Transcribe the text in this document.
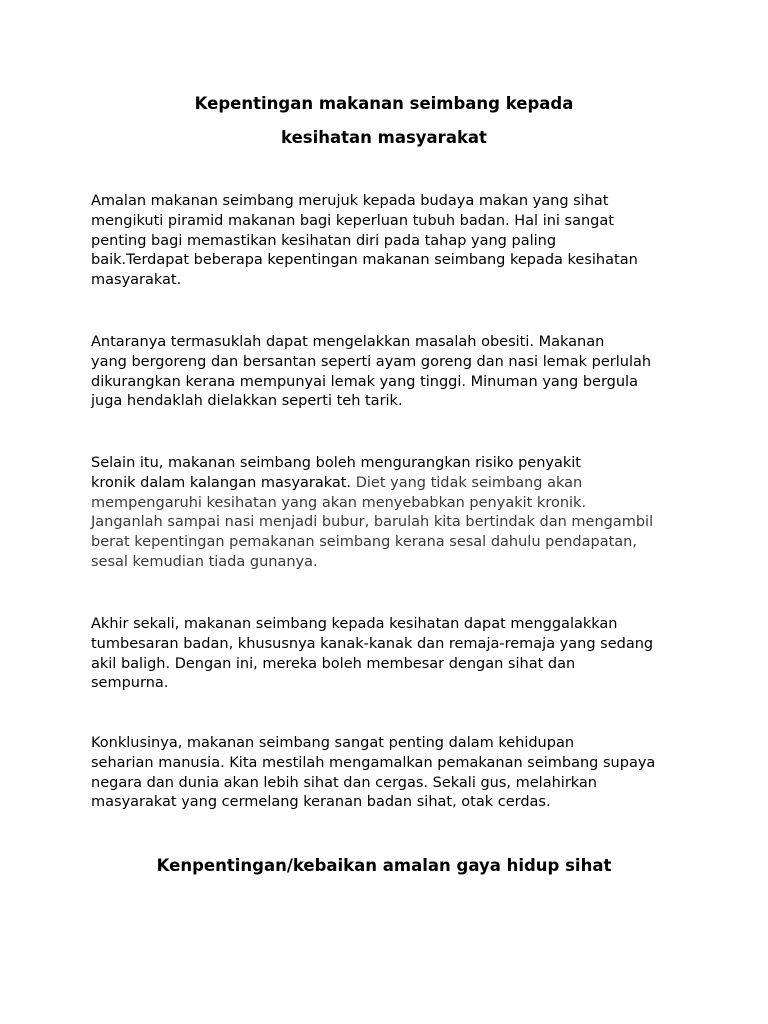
Kepentingan makanan seimbang kepada
kesihatan masyarakat

Amalan makanan seimbang merujuk kepada budaya makan yang sihat
mengikuti piramid makanan bagi keperluan tubuh badan. Hal ini sangat
penting bagi memastikan kesihatan diri pada tahap yang paling
baik.Terdapat beberapa kepentingan makanan seimbang kepada kesihatan
masyarakat.

Antaranya termasuklah dapat mengelakkan masalah obesiti. Makanan
yang bergoreng dan bersantan seperti ayam goreng dan nasi lemak perlulah
dikurangkan kerana mempunyai lemak yang tinggi. Minuman yang bergula
juga hendaklah dielakkan seperti teh tarik.

Selain itu, makanan seimbang boleh mengurangkan risiko penyakit
kronik dalam kalangan masyarakat. Diet yang tidak seimbang akan
mempengaruhi kesihatan yang akan menyebabkan penyakit kronik.
Janganlah sampai nasi menjadi bubur, barulah kita bertindak dan mengambil
berat kepentingan pemakanan seimbang kerana sesal dahulu pendapatan,
sesal kemudian tiada gunanya.

Akhir sekali, makanan seimbang kepada kesihatan dapat menggalakkan
tumbesaran badan, khususnya kanak-kanak dan remaja-remaja yang sedang
akil baligh. Dengan ini, mereka boleh membesar dengan sihat dan
sempurna.

Konklusinya, makanan seimbang sangat penting dalam kehidupan
seharian manusia. Kita mestilah mengamalkan pemakanan seimbang supaya
negara dan dunia akan lebih sihat dan cergas. Sekali gus, melahirkan
masyarakat yang cermelang keranan badan sihat, otak cerdas.

Kenpentingan/kebaikan amalan gaya hidup sihat
